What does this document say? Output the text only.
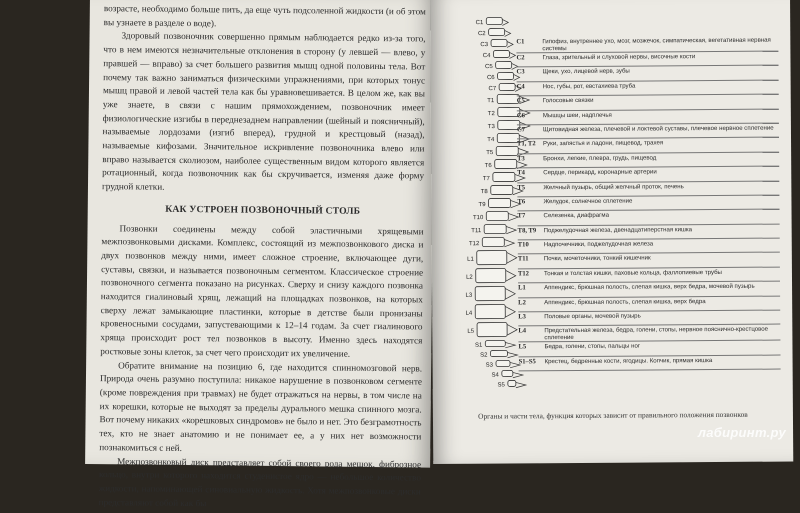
возрасте, необходимо больше пить, да еще чуть подсоленной жидкости (и об этом вы узнаете в разделе о воде).

Здоровый позвоночник совершенно прямым наблюдается редко из-за того, что в нем имеются незначительные отклонения в сторону (у левшей — влево, у правшей — вправо) за счет большего развития мышц одной половины тела. Вот почему так важно заниматься физическими упражнениями, при которых тонус мышц правой и левой частей тела как бы уравновешивается. В целом же, как вы уже знаете, в связи с нашим прямохождением, позвоночник имеет физиологические изгибы в переднезаднем направлении (шейный и поясничный), называемые лордозами (изгиб вперед), грудной и крестцовый (назад), называемые кифозами. Значительное искривление позвоночника влево или вправо называется сколиозом, наиболее существенным видом которого является ротационный, когда позвоночник как бы скручивается, изменяя даже форму грудной клетки.

КАК УСТРОЕН ПОЗВОНОЧНЫЙ СТОЛБ

Позвонки соединены между собой эластичными хрящевыми межпозвонковыми дисками. Комплекс, состоящий из межпозвонкового диска и двух позвонков между ними, имеет сложное строение, включающее дуги, суставы, связки, и называется позвоночным сегментом. Классическое строение позвоночного сегмента показано на рисунках. Сверху и снизу каждого позвонка находится гиалиновый хрящ, лежащий на площадках позвонков, на которых сверху лежат замыкающие пластинки, которые в детстве были пронизаны кровеносными сосудами, запустевающими к 12–14 годам. За счет гиалинового хряща происходит рост тел позвонков в высоту. Именно здесь находятся ростковые зоны клеток, за счет чего происходит их увеличение.

Обратите внимание на позицию 6, где находится спинномозговой нерв. Природа очень разумно поступила: никакое нарушение в позвонковом сегменте (кроме повреждения при травмах) не будет отражаться на нервы, в том числе на их корешки, которые не выходят за пределы дурального мешка спинного мозга. Вот почему никаких «корешковых синдромов» не было и нет. Это безграмотность тех, кто не знает анатомию и не понимает ее, а у них нет возможности познакомиться с ней.

Межпозвонковый диск представляет собой своего рода мешок, фиброзное кольцо, внутри которого находится студенистое ядро — небольшое количество жидкости, напоминающей синовиальную жидкость. Хотя межпозвонковые диски представляют собой как бы

C1
C2
C3
C4
C5
C6
C7
T1
T2
T3
T4
T5
T6
T7
T8
T9
T10
T11
T12
L1
L2
L3
L4
L5
S1
S2
S3
S4
S5
C1	Гипофиз, внутреннее ухо, мозг, мозжечок, симпатическая, вегетативная нервная системы
C2	Глаза, зрительный и слуховой нервы, височные кости
C3	Щеки, ухо, лицевой нерв, зубы
C4	Нос, губы, рот, евстахиева труба
C5	Голосовые связки
C6	Мышцы шеи, надплечья
C7	Щитовидная железа, плечевой и локтевой суставы, плечевое нервное сплетение
T1, T2	Руки, запястья и ладони, пищевод, трахея
T3	Бронхи, легкие, плевра, грудь, пищевод
T4	Сердце, перикард, коронарные артерии
T5	Желчный пузырь, общий желчный проток, печень
T6	Желудок, солнечное сплетение
T7	Селезенка, диафрагма
T8, T9	Поджелудочная железа, двенадцатиперстная кишка
T10	Надпочечники, поджелудочная железа
T11	Почки, мочеточники, тонкий кишечник
T12	Тонкая и толстая кишки, паховые кольца, фаллопиевые трубы
L1	Аппендикс, брюшная полость, слепая кишка, верх бедра, мочевой пузырь
L2	Аппендикс, брюшная полость, слепая кишка, верх бедра
L3	Половые органы, мочевой пузырь
L4	Предстательная железа, бедра, голени, стопы, нервное пояснично-крестцовое сплетение
L5	Бедра, голени, стопы, пальцы ног
S1–S5	Крестец, бедренные кости, ягодицы. Копчик, прямая кишка
Органы и части тела, функция которых зависит от правильного положения позвонков
лабиринт.ру
